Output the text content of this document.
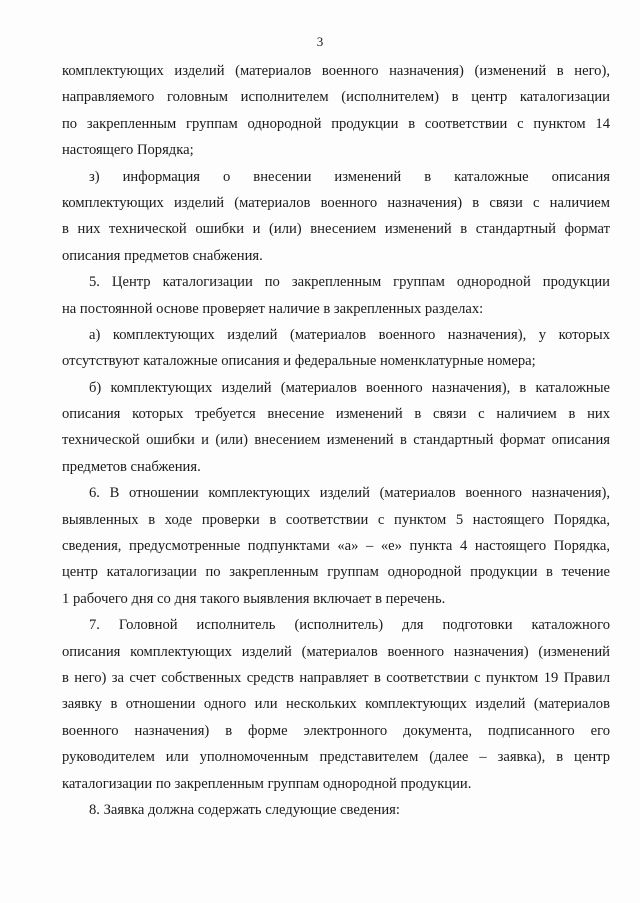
3
комплектующих изделий (материалов военного назначения) (изменений в него),
направляемого головным исполнителем (исполнителем) в центр каталогизации
по закрепленным группам однородной продукции в соответствии с пунктом 14
настоящего Порядка;
з) информация о внесении изменений в каталожные описания
комплектующих изделий (материалов военного назначения) в связи с наличием
в них технической ошибки и (или) внесением изменений в стандартный формат
описания предметов снабжения.
5. Центр каталогизации по закрепленным группам однородной продукции
на постоянной основе проверяет наличие в закрепленных разделах:
а) комплектующих изделий (материалов военного назначения), у которых
отсутствуют каталожные описания и федеральные номенклатурные номера;
б) комплектующих изделий (материалов военного назначения), в каталожные
описания которых требуется внесение изменений в связи с наличием в них
технической ошибки и (или) внесением изменений в стандартный формат описания
предметов снабжения.
6. В отношении комплектующих изделий (материалов военного назначения),
выявленных в ходе проверки в соответствии с пунктом 5 настоящего Порядка,
сведения, предусмотренные подпунктами «а» – «е» пункта 4 настоящего Порядка,
центр каталогизации по закрепленным группам однородной продукции в течение
1 рабочего дня со дня такого выявления включает в перечень.
7. Головной исполнитель (исполнитель) для подготовки каталожного
описания комплектующих изделий (материалов военного назначения) (изменений
в него) за счет собственных средств направляет в соответствии с пунктом 19 Правил
заявку в отношении одного или нескольких комплектующих изделий (материалов
военного назначения) в форме электронного документа, подписанного его
руководителем или уполномоченным представителем (далее – заявка), в центр
каталогизации по закрепленным группам однородной продукции.
8. Заявка должна содержать следующие сведения:
